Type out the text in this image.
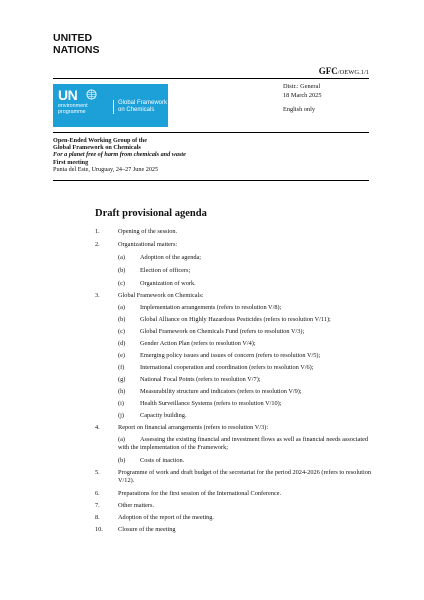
UNITED
NATIONS
GFC/OEWG.1/1
Distr.: General
18 March 2025
English only
UN
environment
programme
Global Framework
on Chemicals
Open-Ended Working Group of the
Global Framework on Chemicals
For a planet free of harm from chemicals and waste
First meeting
Punta del Este, Uruguay, 24–27 June 2025
Draft provisional agenda
1.	Opening of the session.
2.	Organizational matters:
(a) Adoption of the agenda;
(b) Election of officers;
(c) Organization of work.
3.	Global Framework on Chemicals:
(a) Implementation arrangements (refers to resolution V/8);
(b) Global Alliance on Highly Hazardous Pesticides (refers to resolution V/11);
(c) Global Framework on Chemicals Fund (refers to resolution V/3);
(d) Gender Action Plan (refers to resolution V/4);
(e) Emerging policy issues and issues of concern (refers to resolution V/5);
(f) International cooperation and coordination (refers to resolution V/6);
(g) National Focal Points (refers to resolution V/7);
(h) Measurability structure and indicators (refers to resolution V/9);
(i)	Health Surveillance Systems (refers to resolution V/10);
(j)	Capacity building.
4.	Report on financial arrangements (refers to resolution V/3):
(a)	Assessing the existing financial and investment flows as well as financial needs associated with the implementation of the Framework;
(b) Costs of inaction.
5.	Programme of work and draft budget of the secretariat for the period 2024-2026 (refers to resolution V/12).
6.	Preparations for the first session of the International Conference.
7.	Other matters.
8.	Adoption of the report of the meeting.
10. Closure of the meeting
